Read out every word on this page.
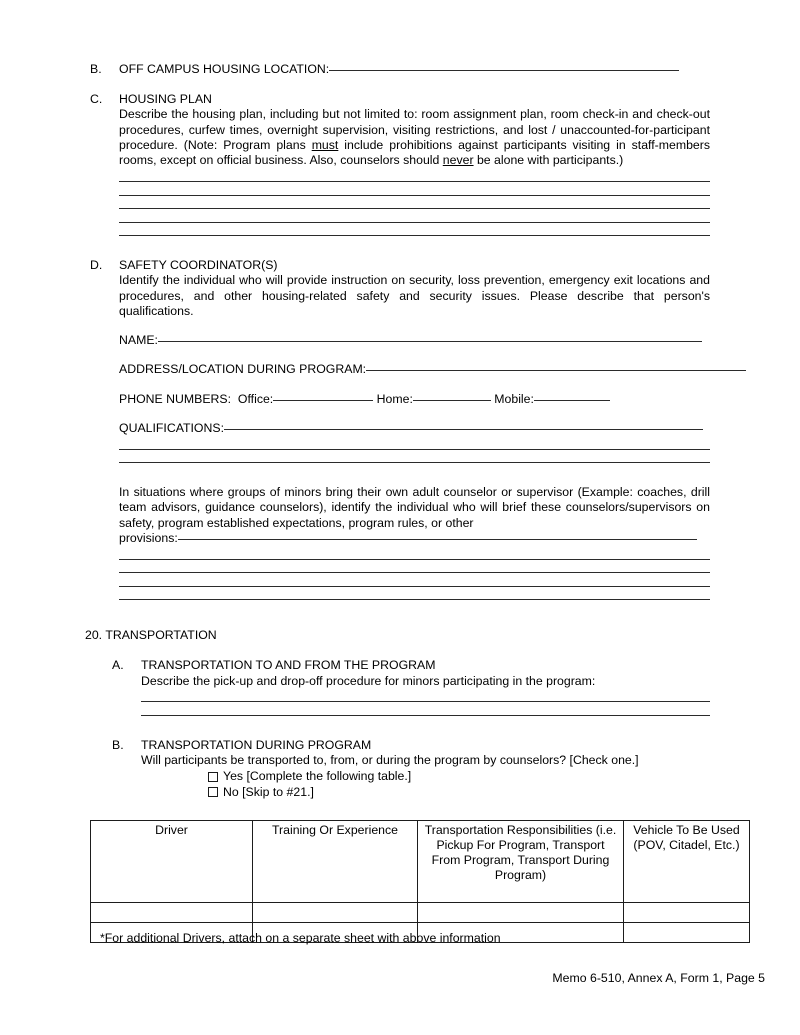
B.	OFF CAMPUS HOUSING LOCATION:
C.	HOUSING PLAN
Describe the housing plan, including but not limited to: room assignment plan, room check-in and check-out procedures, curfew times, overnight supervision, visiting restrictions, and lost / unaccounted-for-participant procedure. (Note: Program plans must include prohibitions against participants visiting in staff-members rooms, except on official business. Also, counselors should never be alone with participants.)
D.	SAFETY COORDINATOR(S)
Identify the individual who will provide instruction on security, loss prevention, emergency exit locations and procedures, and other housing-related safety and security issues. Please describe that person's qualifications.
NAME:
ADDRESS/LOCATION DURING PROGRAM:
PHONE NUMBERS: Office:	Home:	Mobile:
QUALIFICATIONS:
In situations where groups of minors bring their own adult counselor or supervisor (Example: coaches, drill team advisors, guidance counselors), identify the individual who will brief these counselors/supervisors on safety, program established expectations, program rules, or other
provisions:
20. TRANSPORTATION
A.	TRANSPORTATION TO AND FROM THE PROGRAM
Describe the pick-up and drop-off procedure for minors participating in the program:
B.	TRANSPORTATION DURING PROGRAM
Will participants be transported to, from, or during the program by counselors? [Check one.]
Yes [Complete the following table.]
No [Skip to #21.]
Driver	Training Or Experience	Transportation Responsibilities (i.e. Pickup For Program, Transport From Program, Transport During Program)	Vehicle To Be Used (POV, Citadel, Etc.)

*For additional Drivers, attach on a separate sheet with above information
Memo 6-510, Annex A, Form 1, Page 5
